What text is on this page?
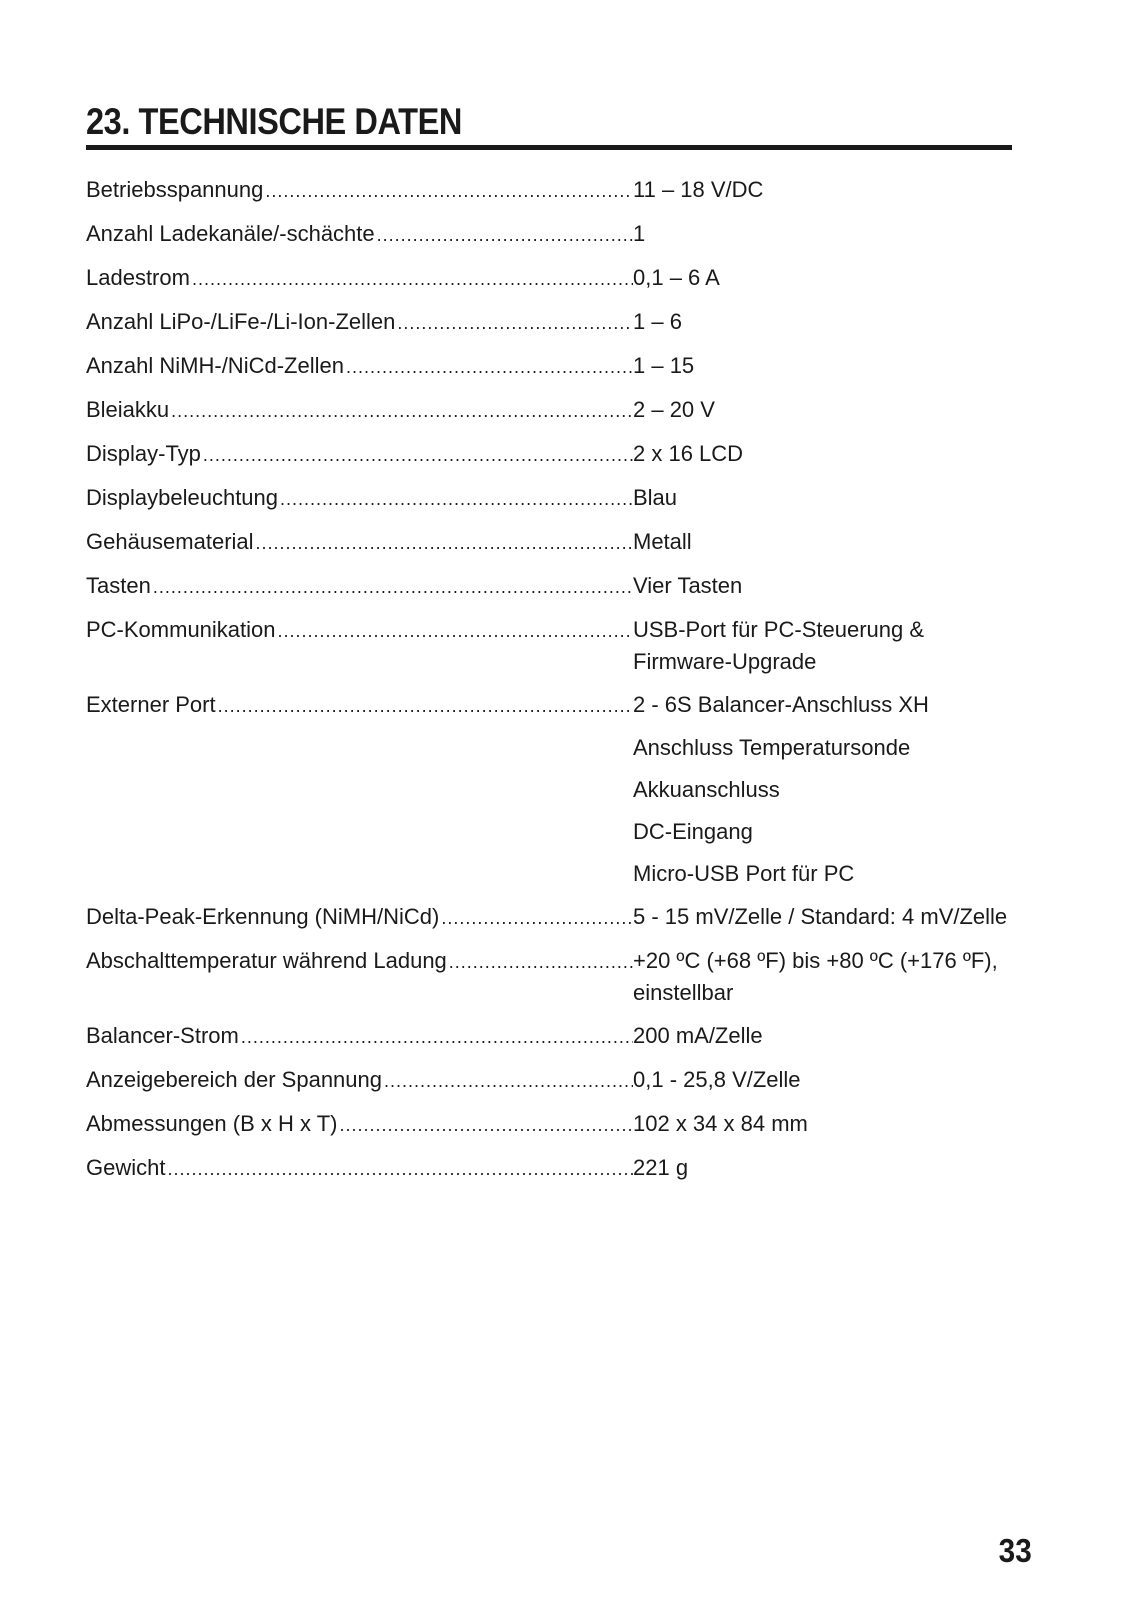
23. TECHNISCHE DATEN
Betriebsspannung .....	11 – 18 V/DC
Anzahl Ladekanäle/-schächte .....	1
Ladestrom .....	0,1 – 6 A
Anzahl LiPo-/LiFe-/Li-Ion-Zellen .....	1 – 6
Anzahl NiMH-/NiCd-Zellen .....	1 – 15
Bleiakku .....	2 – 20 V
Display-Typ .....	2 x 16 LCD
Displaybeleuchtung .....	Blau
Gehäusematerial .....	Metall
Tasten .....	Vier Tasten
PC-Kommunikation .....	USB-Port für PC-Steuerung &
Firmware-Upgrade
Externer Port .....	2 - 6S Balancer-Anschluss XH
Anschluss Temperatursonde
Akkuanschluss
DC-Eingang
Micro-USB Port für PC
Delta-Peak-Erkennung (NiMH/NiCd) .....	5 - 15 mV/Zelle / Standard: 4 mV/Zelle
Abschalttemperatur während Ladung .....	+20 ºC (+68 ºF) bis +80 ºC (+176 ºF),
einstellbar
Balancer-Strom .....	200 mA/Zelle
Anzeigebereich der Spannung .....	0,1 - 25,8 V/Zelle
Abmessungen (B x H x T) .....	102 x 34 x 84 mm
Gewicht .....	221 g
33
